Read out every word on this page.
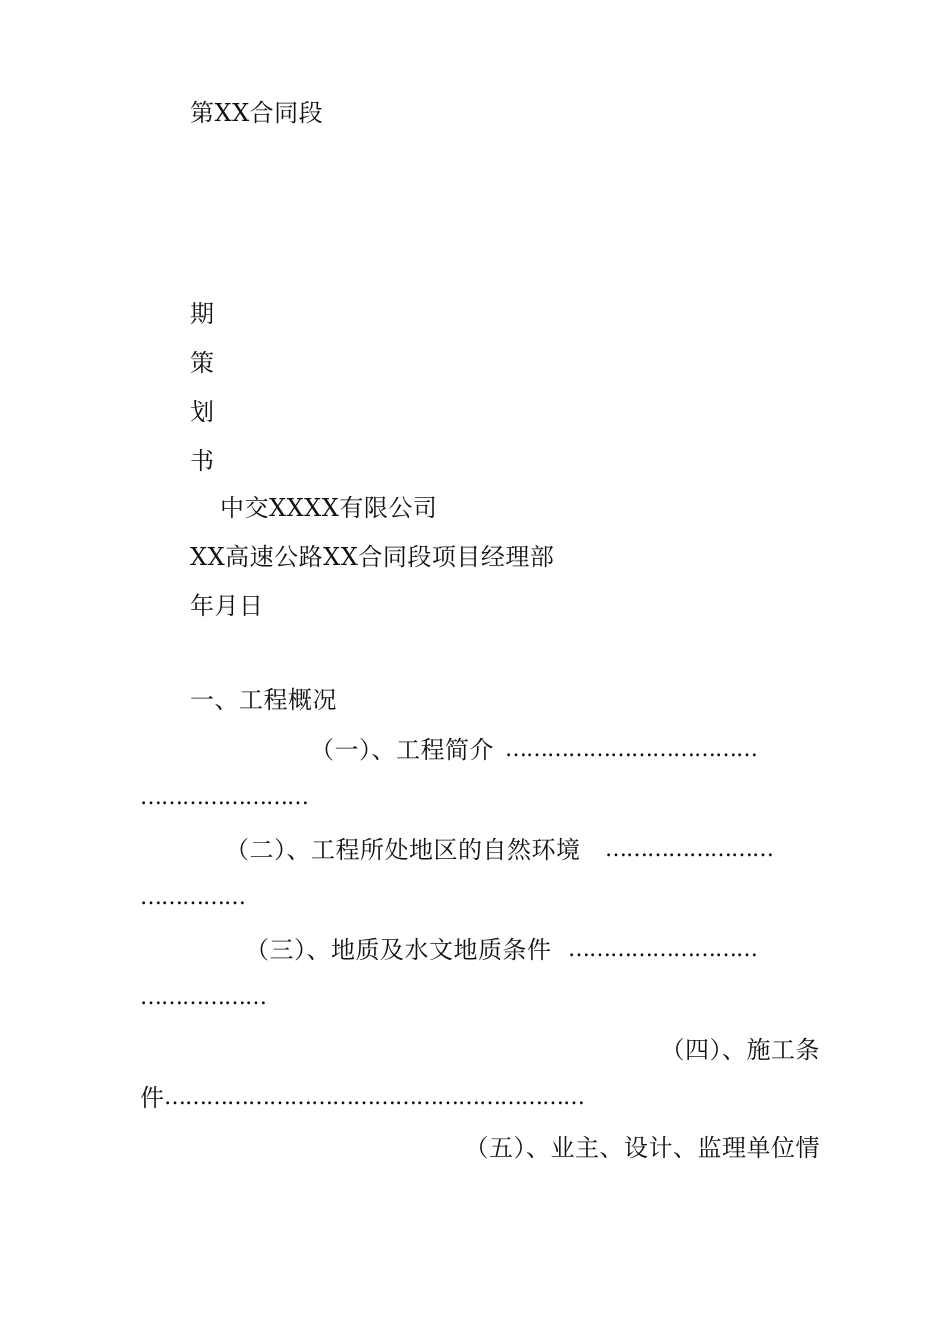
第XX合同段
期
策
划
书
中交XXXX有限公司
XX高速公路XX合同段项目经理部
年月日
一、工程概况
（一）、工程简介 ………………………………
……………………
（二）、工程所处地区的自然环境 ……………………
……………
（三）、地质及水文地质条件 ………………………
………………
（四）、施工条
件 ……………………………………………………
（五）、业主、设计、监理单位情
